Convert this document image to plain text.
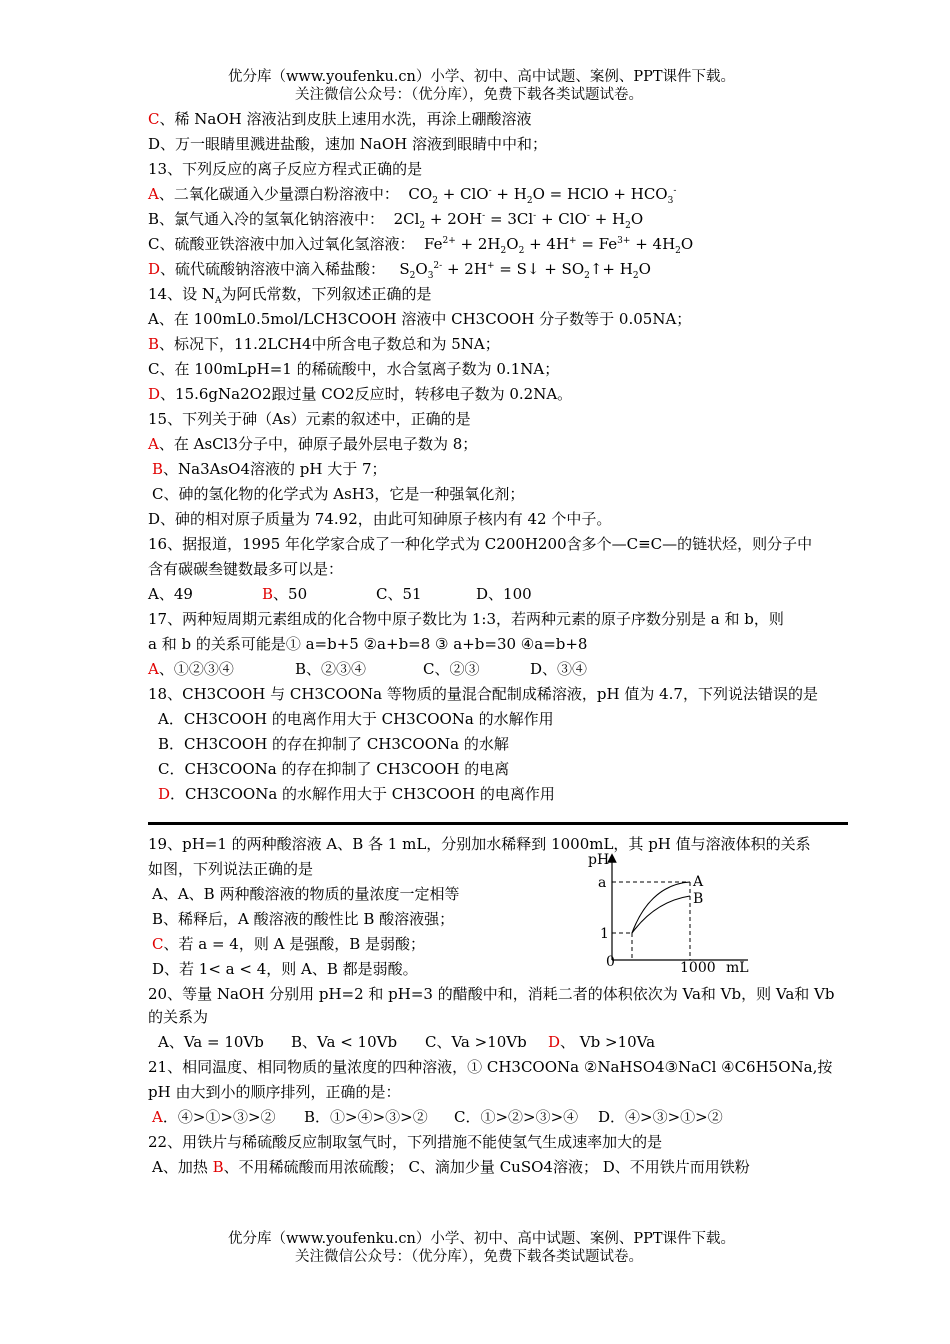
优分库（www.youfenku.cn）小学、初中、高中试题、案例、PPT课件下载。
关注微信公众号：（优分库），免费下载各类试题试卷。
C、稀 NaOH 溶液沾到皮肤上速用水洗，再涂上硼酸溶液
D、万一眼睛里溅进盐酸，速加 NaOH 溶液到眼睛中中和；
13、下列反应的离子反应方程式正确的是
A、二氧化碳通入少量漂白粉溶液中：  $CO_2 + ClO^- + H_2O$ = HClO + $HCO_3^-$
B、氯气通入冷的氢氧化钠溶液中：  $2Cl_2 + 2OH^- = 3Cl^- + ClO^- + H_2O$
C、硫酸亚铁溶液中加入过氧化氢溶液：  $Fe^{2+} + 2H_2O_2 + 4H^+ = Fe^{3+} + 4H_2O$
D、硫代硫酸钠溶液中滴入稀盐酸：   $S_2O_3^{2-} + 2H^+$ = S↓ + $SO_2↑+ H_2O$
14、设 $N_A$为阿氏常数，下列叙述正确的是
A、在 100mL0.5mol/LCH3COOH 溶液中 CH3COOH 分子数等于 0.05NA；
B、标况下，11.2LCH4中所含电子数总和为 5NA；
C、在 100mLpH=1 的稀硫酸中，水合氢离子数为 0.1NA；
D、15.6gNa2O2跟过量 CO2反应时，转移电子数为 0.2NA。
15、下列关于砷（As）元素的叙述中，正确的是
A、在 AsCl3分子中，砷原子最外层电子数为 8；
B、Na3AsO4溶液的 pH 大于 7；
C、砷的氢化物的化学式为 AsH3，它是一种强氧化剂；
D、砷的相对原子质量为 74.92，由此可知砷原子核内有 42 个中子。
16、据报道，1995 年化学家合成了一种化学式为 C200H200含多个—C≡C—的链状烃，则分子中
含有碳碳叁键数最多可以是：
A、49	B、50	C、51	D、100
17、两种短周期元素组成的化合物中原子数比为 1:3，若两种元素的原子序数分别是 a 和 b，则
a 和 b 的关系可能是① a=b+5 ②a+b=8 ③ a+b=30 ④a=b+8
A、①②③④	B、②③④	C、②③	D、③④
18、CH3COOH 与 CH3COONa 等物质的量混合配制成稀溶液，pH 值为 4.7，下列说法错误的是
A．CH3COOH 的电离作用大于 CH3COONa 的水解作用
B．CH3COOH 的存在抑制了 CH3COONa 的水解
C．CH3COONa 的存在抑制了 CH3COOH 的电离
D．CH3COONa 的水解作用大于 CH3COOH 的电离作用
19、pH=1 的两种酸溶液 A、B 各 1 mL，分别加水稀释到 1000mL，其 pH 值与溶液体积的关系
如图，下列说法正确的是
A、A、B 两种酸溶液的物质的量浓度一定相等
B、稀释后，A 酸溶液的酸性比 B 酸溶液强；
C、若 a = 4，则 A 是强酸，B 是弱酸；
D、若 1< a < 4，则 A、B 都是弱酸。
pH
a
1
0	1000 mL
A
B
20、等量 NaOH 分别用 pH=2 和 pH=3 的醋酸中和，消耗二者的体积依次为 Va和 Vb，则 Va和 Vb
的关系为
A、Va = 10Vb B、Va < 10Vb C、Va >10Vb D、 Vb >10Va
21、相同温度、相同物质的量浓度的四种溶液，① CH3COONa ②NaHSO4③NaCl ④C6H5ONa,按
pH 由大到小的顺序排列，正确的是：
A．④>①>③>② B．①>④>③>② C．①>②>③>④ D．④>③>①>②
22、用铁片与稀硫酸反应制取氢气时，下列措施不能使氢气生成速率加大的是
A、加热 B、不用稀硫酸而用浓硫酸； C、滴加少量 CuSO4溶液； D、不用铁片而用铁粉
优分库（www.youfenku.cn）小学、初中、高中试题、案例、PPT课件下载。
关注微信公众号：（优分库），免费下载各类试题试卷。
